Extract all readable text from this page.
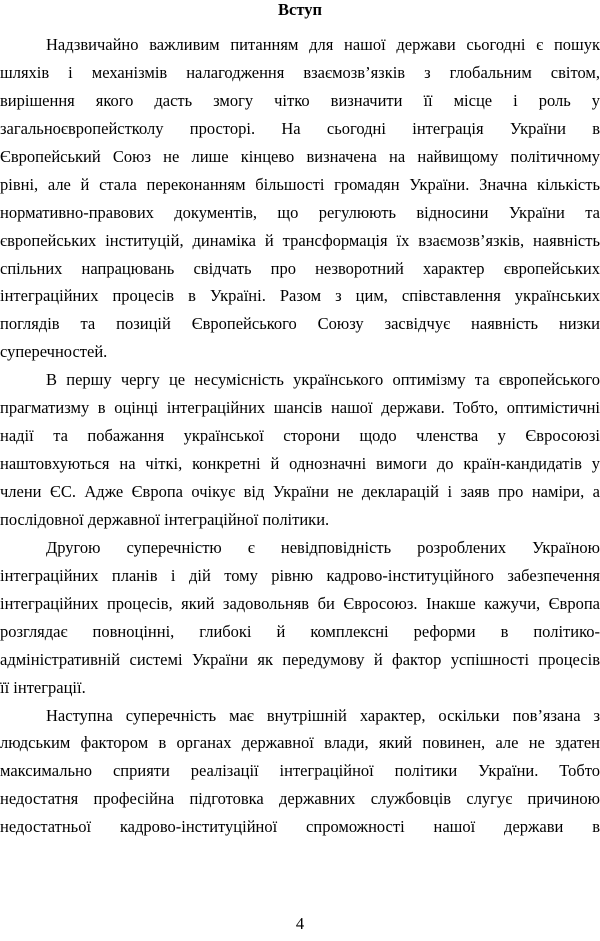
Вступ
Надзвичайно важливим питанням для нашої держави сьогодні є пошук
шляхів і механізмів налагодження взаємозв’язків з глобальним світом,
вирішення якого дасть змогу чітко визначити її місце і роль у
загальноєвропейстколу просторі. На сьогодні інтеграція України в
Європейський Союз не лише кінцево визначена на найвищому політичному
рівні, але й стала переконанням більшості громадян України. Значна кількість
нормативно-правових документів, що регулюють відносини України та
європейських інституцій, динаміка й трансформація їх взаємозв’язків, наявність
спільних напрацювань свідчать про незворотний характер європейських
інтеграційних процесів в Україні. Разом з цим, співставлення українських
поглядів та позицій Європейського Союзу засвідчує наявність низки
суперечностей.
В першу чергу це несумісність українського оптимізму та європейського
прагматизму в оцінці інтеграційних шансів нашої держави. Тобто, оптимістичні
надії та побажання української сторони щодо членства у Євросоюзі
наштовхуються на чіткі, конкретні й однозначні вимоги до країн-кандидатів у
члени ЄС. Адже Європа очікує від України не декларацій і заяв про наміри, а
послідовної державної інтеграційної політики.
Другою суперечністю є невідповідність розроблених Україною
інтеграційних планів і дій тому рівню кадрово-інституційного забезпечення
інтеграційних процесів, який задовольняв би Євросоюз. Інакше кажучи, Європа
розглядає повноцінні, глибокі й комплексні реформи в політико-
адміністративній системі України як передумову й фактор успішності процесів
її інтеграції.
Наступна суперечність має внутрішній характер, оскільки пов’язана з
людським фактором в органах державної влади, який повинен, але не здатен
максимально сприяти реалізації інтеграційної політики України. Тобто
недостатня професійна підготовка державних службовців слугує причиною
недостатньої кадрово-інституційної спроможності нашої держави в
4
